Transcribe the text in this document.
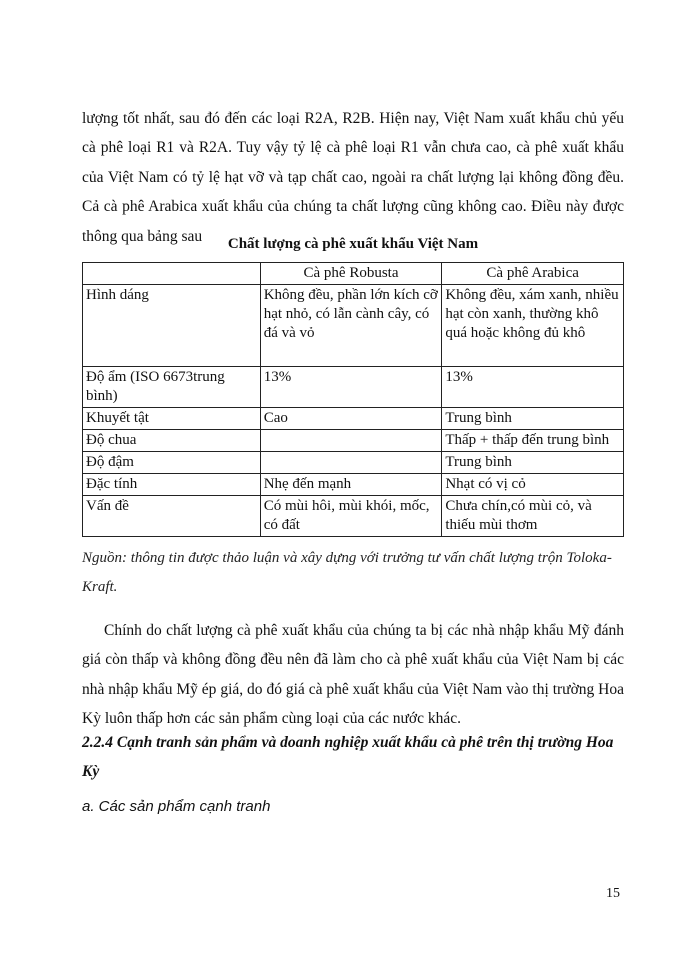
lượng tốt nhất, sau đó đến các loại R2A, R2B. Hiện nay, Việt Nam xuất khẩu chủ yếu cà phê loại R1 và R2A. Tuy vậy tỷ lệ cà phê loại R1 vẫn chưa cao, cà phê xuất khẩu của Việt Nam có tỷ lệ hạt vỡ và tạp chất cao, ngoài ra chất lượng lại không đồng đều. Cả cà phê Arabica xuất khẩu của chúng ta chất lượng cũng không cao. Điều này được thông qua bảng sau	Chất lượng cà phê xuất khẩu Việt Nam
	Cà phê Robusta	Cà phê Arabica
Hình dáng	Không đều, phần lớn kích cỡ hạt nhỏ, có lẫn cành cây, có đá và vỏ	Không đều, xám xanh, nhiều hạt còn xanh, thường khô quá hoặc không đủ khô
Độ ẩm (ISO 6673trung bình)	13%	13%
Khuyết tật	Cao	Trung bình
Độ chua		Thấp + thấp đến trung bình
Độ đậm		Trung bình
Đặc tính	Nhẹ đến mạnh	Nhạt có vị cỏ
Vấn đề	Có mùi hôi, mùi khói, mốc, có đất	Chưa chín,có mùi cỏ, và thiếu mùi thơm
Nguồn: thông tin được thảo luận và xây dựng với trưởng tư vấn chất lượng trộn Toloka-Kraft.

Chính do chất lượng cà phê xuất khẩu của chúng ta bị các nhà nhập khẩu Mỹ đánh giá còn thấp và không đồng đều nên đã làm cho cà phê xuất khẩu của Việt Nam bị các nhà nhập khẩu Mỹ ép giá, do đó giá cà phê xuất khẩu của Việt Nam vào thị trường Hoa Kỳ luôn thấp hơn các sản phẩm cùng loại của các nước khác.

2.2.4 Cạnh tranh sản phẩm và doanh nghiệp xuất khẩu cà phê trên thị trường Hoa Kỳ
a. Các sản phẩm cạnh tranh
15
